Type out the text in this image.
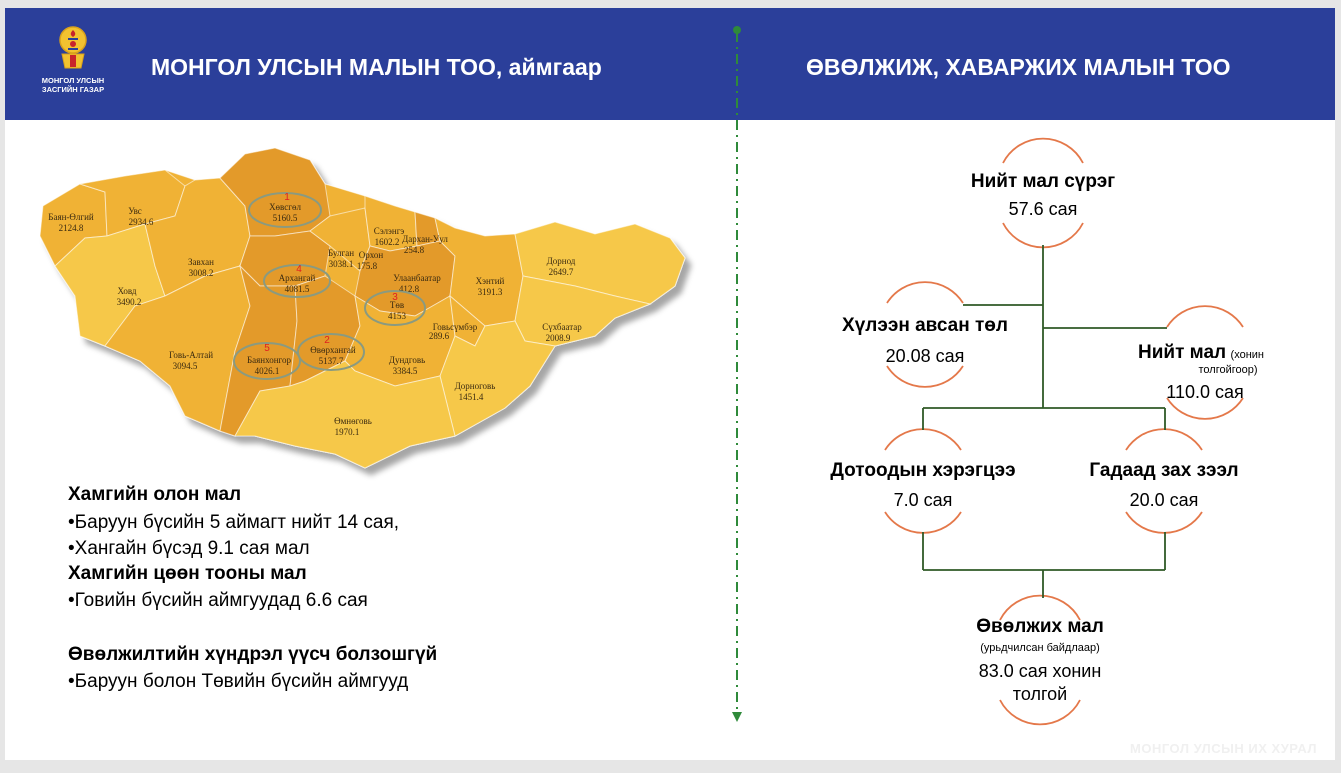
МОНГОЛ УЛСЫН
ЗАСГИЙН ГАЗАР
МОНГОЛ УЛСЫН МАЛЫН ТОО, аймгаар	ӨВӨЛЖИЖ, ХАВАРЖИХ МАЛЫН ТОО
Баян-Өлгий
2124.8
Увс
2934.6
Хөвсгөл
5160.5
Сэлэнгэ
1602.2 Дархан-Уул
254.8
Булган
3038.1
Орхон
175.8
Завхан
3008.2	Архангай
4081.5
Улаанбаатар
412.8
Хэнтий
3191.3
Дорнод
2649.7
Ховд
3490.2	Төв
4153
Говьсүмбэр
289.6
Сүхбаатар
2008.9
Говь-Алтай
3094.5
Баянхонгор
4026.1
Өвөрхангай
5137.7	Дундговь
3384.5
Дорноговь
1451.4
Өмнөговь
1970.1
1
2
3
4
5
Хамгийн олон мал
•Баруун бүсийн 5 аймагт нийт 14 сая,
•Хангайн бүсэд 9.1 сая мал
Хамгийн цөөн тооны мал
•Говийн бүсийн аймгуудад 6.6 сая
Өвөлжилтийн хүндрэл үүсч болзошгүй
•Баруун болон Төвийн бүсийн аймгууд
Нийт мал сүрэг
57.6 сая
Хүлээн авсан төл
20.08 сая	Нийт мал (хонин
толгойгоор)
110.0 сая
Дотоодын хэрэгцээ
7.0 сая
Гадаад зах зээл
20.0 сая
Өвөлжих мал
(урьдчилсан байдлаар)
83.0 сая хонин
толгой
МОНГОЛ УЛСЫН ИХ ХУРАЛ
